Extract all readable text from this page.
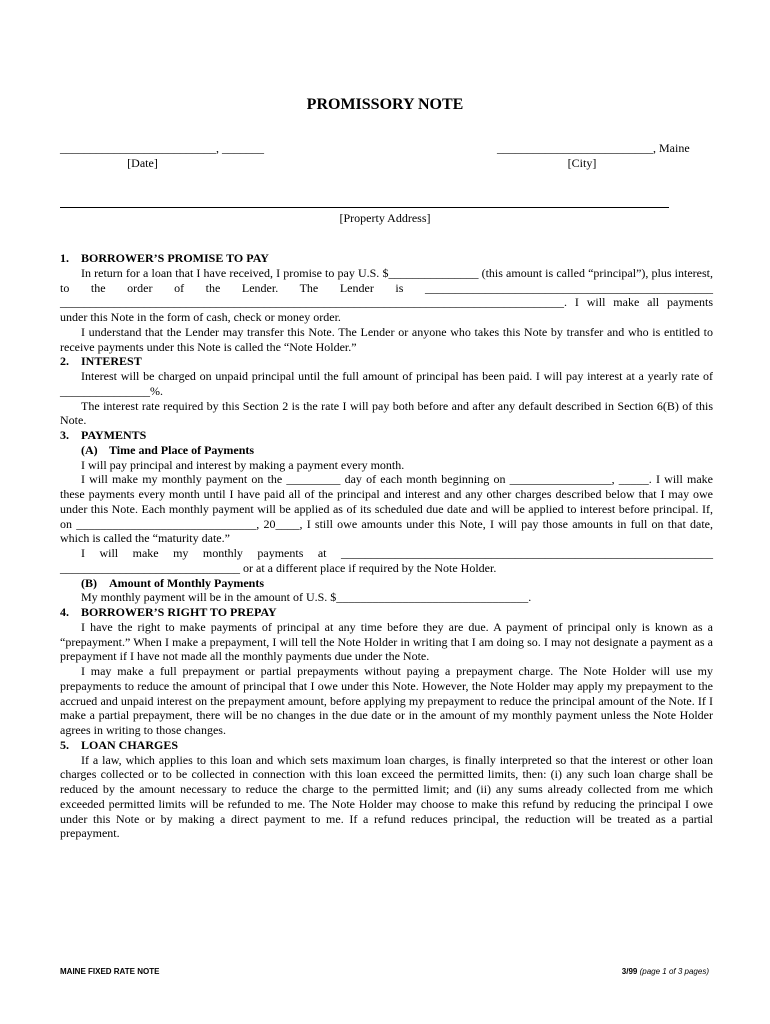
PROMISSORY NOTE
__________________________, _______
[Date]
__________________________, Maine
[City]
[Property Address]
1.	BORROWER’S PROMISE TO PAY

In return for a loan that I have received, I promise to pay U.S. $_______________ (this amount is called “principal”), plus interest, to the order of the Lender. The Lender is ________________________________________________ ____________________________________________________________________________________. I will make all payments under this Note in the form of cash, check or money order.

I understand that the Lender may transfer this Note. The Lender or anyone who takes this Note by transfer and who is entitled to receive payments under this Note is called the “Note Holder.”

2.	INTEREST

Interest will be charged on unpaid principal until the full amount of principal has been paid. I will pay interest at a yearly rate of _______________%.

The interest rate required by this Section 2 is the rate I will pay both before and after any default described in Section 6(B) of this Note.

3.	PAYMENTS
(A) Time and Place of Payments

I will pay principal and interest by making a payment every month.

I will make my monthly payment on the _________ day of each month beginning on _________________, _____. I will make these payments every month until I have paid all of the principal and interest and any other charges described below that I may owe under this Note. Each monthly payment will be applied as of its scheduled due date and will be applied to interest before principal. If, on ______________________________, 20____, I still owe amounts under this Note, I will pay those amounts in full on that date, which is called the “maturity date.”

I will make my monthly payments at ______________________________________________________________ ______________________________ or at a different place if required by the Note Holder.

(B)	Amount of Monthly Payments

My monthly payment will be in the amount of U.S. $________________________________.

4.	BORROWER’S RIGHT TO PREPAY

I have the right to make payments of principal at any time before they are due. A payment of principal only is known as a “prepayment.” When I make a prepayment, I will tell the Note Holder in writing that I am doing so. I may not designate a payment as a prepayment if I have not made all the monthly payments due under the Note.

I may make a full prepayment or partial prepayments without paying a prepayment charge. The Note Holder will use my prepayments to reduce the amount of principal that I owe under this Note. However, the Note Holder may apply my prepayment to the accrued and unpaid interest on the prepayment amount, before applying my prepayment to reduce the principal amount of the Note. If I make a partial prepayment, there will be no changes in the due date or in the amount of my monthly payment unless the Note Holder agrees in writing to those changes.

5.	LOAN CHARGES

If a law, which applies to this loan and which sets maximum loan charges, is finally interpreted so that the interest or other loan charges collected or to be collected in connection with this loan exceed the permitted limits, then: (i) any such loan charge shall be reduced by the amount necessary to reduce the charge to the permitted limit; and (ii) any sums already collected from me which exceeded permitted limits will be refunded to me. The Note Holder may choose to make this refund by reducing the principal I owe under this Note or by making a direct payment to me. If a refund reduces principal, the reduction will be treated as a partial prepayment.

MAINE FIXED RATE NOTE	3/99 (page 1 of 3 pages)
